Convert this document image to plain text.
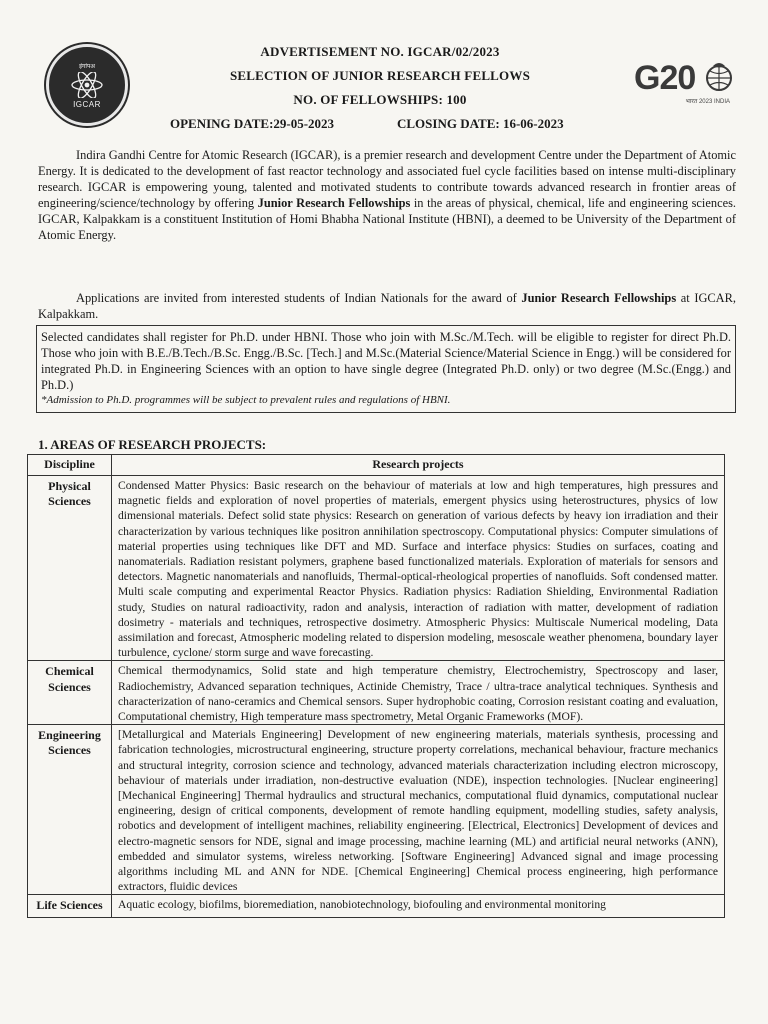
इंगांपअ
IGCAR
G20
भारत 2023 INDIA
ADVERTISEMENT NO. IGCAR/02/2023
SELECTION OF JUNIOR RESEARCH FELLOWS
NO. OF FELLOWSHIPS: 100
OPENING DATE:29-05-2023	CLOSING DATE: 16-06-2023
Indira Gandhi Centre for Atomic Research (IGCAR), is a premier research and development Centre under the Department of Atomic Energy. It is dedicated to the development of fast reactor technology and associated fuel cycle facilities based on intense multi-disciplinary research. IGCAR is empowering young, talented and motivated students to contribute towards advanced research in frontier areas of engineering/science/technology by offering Junior Research Fellowships in the areas of physical, chemical, life and engineering sciences. IGCAR, Kalpakkam is a constituent Institution of Homi Bhabha National Institute (HBNI), a deemed to be University of the Department of Atomic Energy.
Applications are invited from interested students of Indian Nationals for the award of Junior Research Fellowships at IGCAR, Kalpakkam.
Selected candidates shall register for Ph.D. under HBNI. Those who join with M.Sc./M.Tech. will be eligible to register for direct Ph.D. Those who join with B.E./B.Tech./B.Sc. Engg./B.Sc. [Tech.] and M.Sc.(Material Science/Material Science in Engg.) will be considered for integrated Ph.D. in Engineering Sciences with an option to have single degree (Integrated Ph.D. only) or two degree (M.Sc.(Engg.) and Ph.D.)
*Admission to Ph.D. programmes will be subject to prevalent rules and regulations of HBNI.
1. AREAS OF RESEARCH PROJECTS:
Discipline	Research projects
Physical Sciences	Condensed Matter Physics: Basic research on the behaviour of materials at low and high temperatures, high pressures and magnetic fields and exploration of novel properties of materials, emergent physics using heterostructures, physics of low dimensional materials. Defect solid state physics: Research on generation of various defects by heavy ion irradiation and their characterization by various techniques like positron annihilation spectroscopy. Computational physics: Computer simulations of material properties using techniques like DFT and MD. Surface and interface physics: Studies on surfaces, coating and nanomaterials. Radiation resistant polymers, graphene based functionalized materials. Exploration of materials for sensors and detectors. Magnetic nanomaterials and nanofluids, Thermal-optical-rheological properties of nanofluids. Soft condensed matter. Multi scale computing and experimental Reactor Physics. Radiation physics: Radiation Shielding, Environmental Radiation study, Studies on natural radioactivity, radon and analysis, interaction of radiation with matter, development of radiation dosimetry - materials and techniques, retrospective dosimetry. Atmospheric Physics: Multiscale Numerical modeling, Data assimilation and forecast, Atmospheric modeling related to dispersion modeling, mesoscale weather phenomena, boundary layer turbulence, cyclone/ storm surge and wave forecasting.
Chemical Sciences	Chemical thermodynamics, Solid state and high temperature chemistry, Electrochemistry, Spectroscopy and laser, Radiochemistry, Advanced separation techniques, Actinide Chemistry, Trace / ultra-trace analytical techniques. Synthesis and characterization of nano-ceramics and Chemical sensors. Super hydrophobic coating, Corrosion resistant coating and evaluation, Computational chemistry, High temperature mass spectrometry, Metal Organic Frameworks (MOF).
Engineering Sciences	[Metallurgical and Materials Engineering] Development of new engineering materials, materials synthesis, processing and fabrication technologies, microstructural engineering, structure property correlations, mechanical behaviour, fracture mechanics and structural integrity, corrosion science and technology, advanced materials characterization including electron microscopy, behaviour of materials under irradiation, non-destructive evaluation (NDE), inspection technologies. [Nuclear engineering] [Mechanical Engineering] Thermal hydraulics and structural mechanics, computational fluid dynamics, computational nuclear engineering, design of critical components, development of remote handling equipment, modelling studies, safety analysis, robotics and development of intelligent machines, reliability engineering. [Electrical, Electronics] Development of devices and electro-magnetic sensors for NDE, signal and image processing, machine learning (ML) and artificial neural networks (ANN), embedded and simulator systems, wireless networking. [Software Engineering] Advanced signal and image processing algorithms including ML and ANN for NDE. [Chemical Engineering] Chemical process engineering, high performance extractors, fluidic devices
Life Sciences	Aquatic ecology, biofilms, bioremediation, nanobiotechnology, biofouling and environmental monitoring
